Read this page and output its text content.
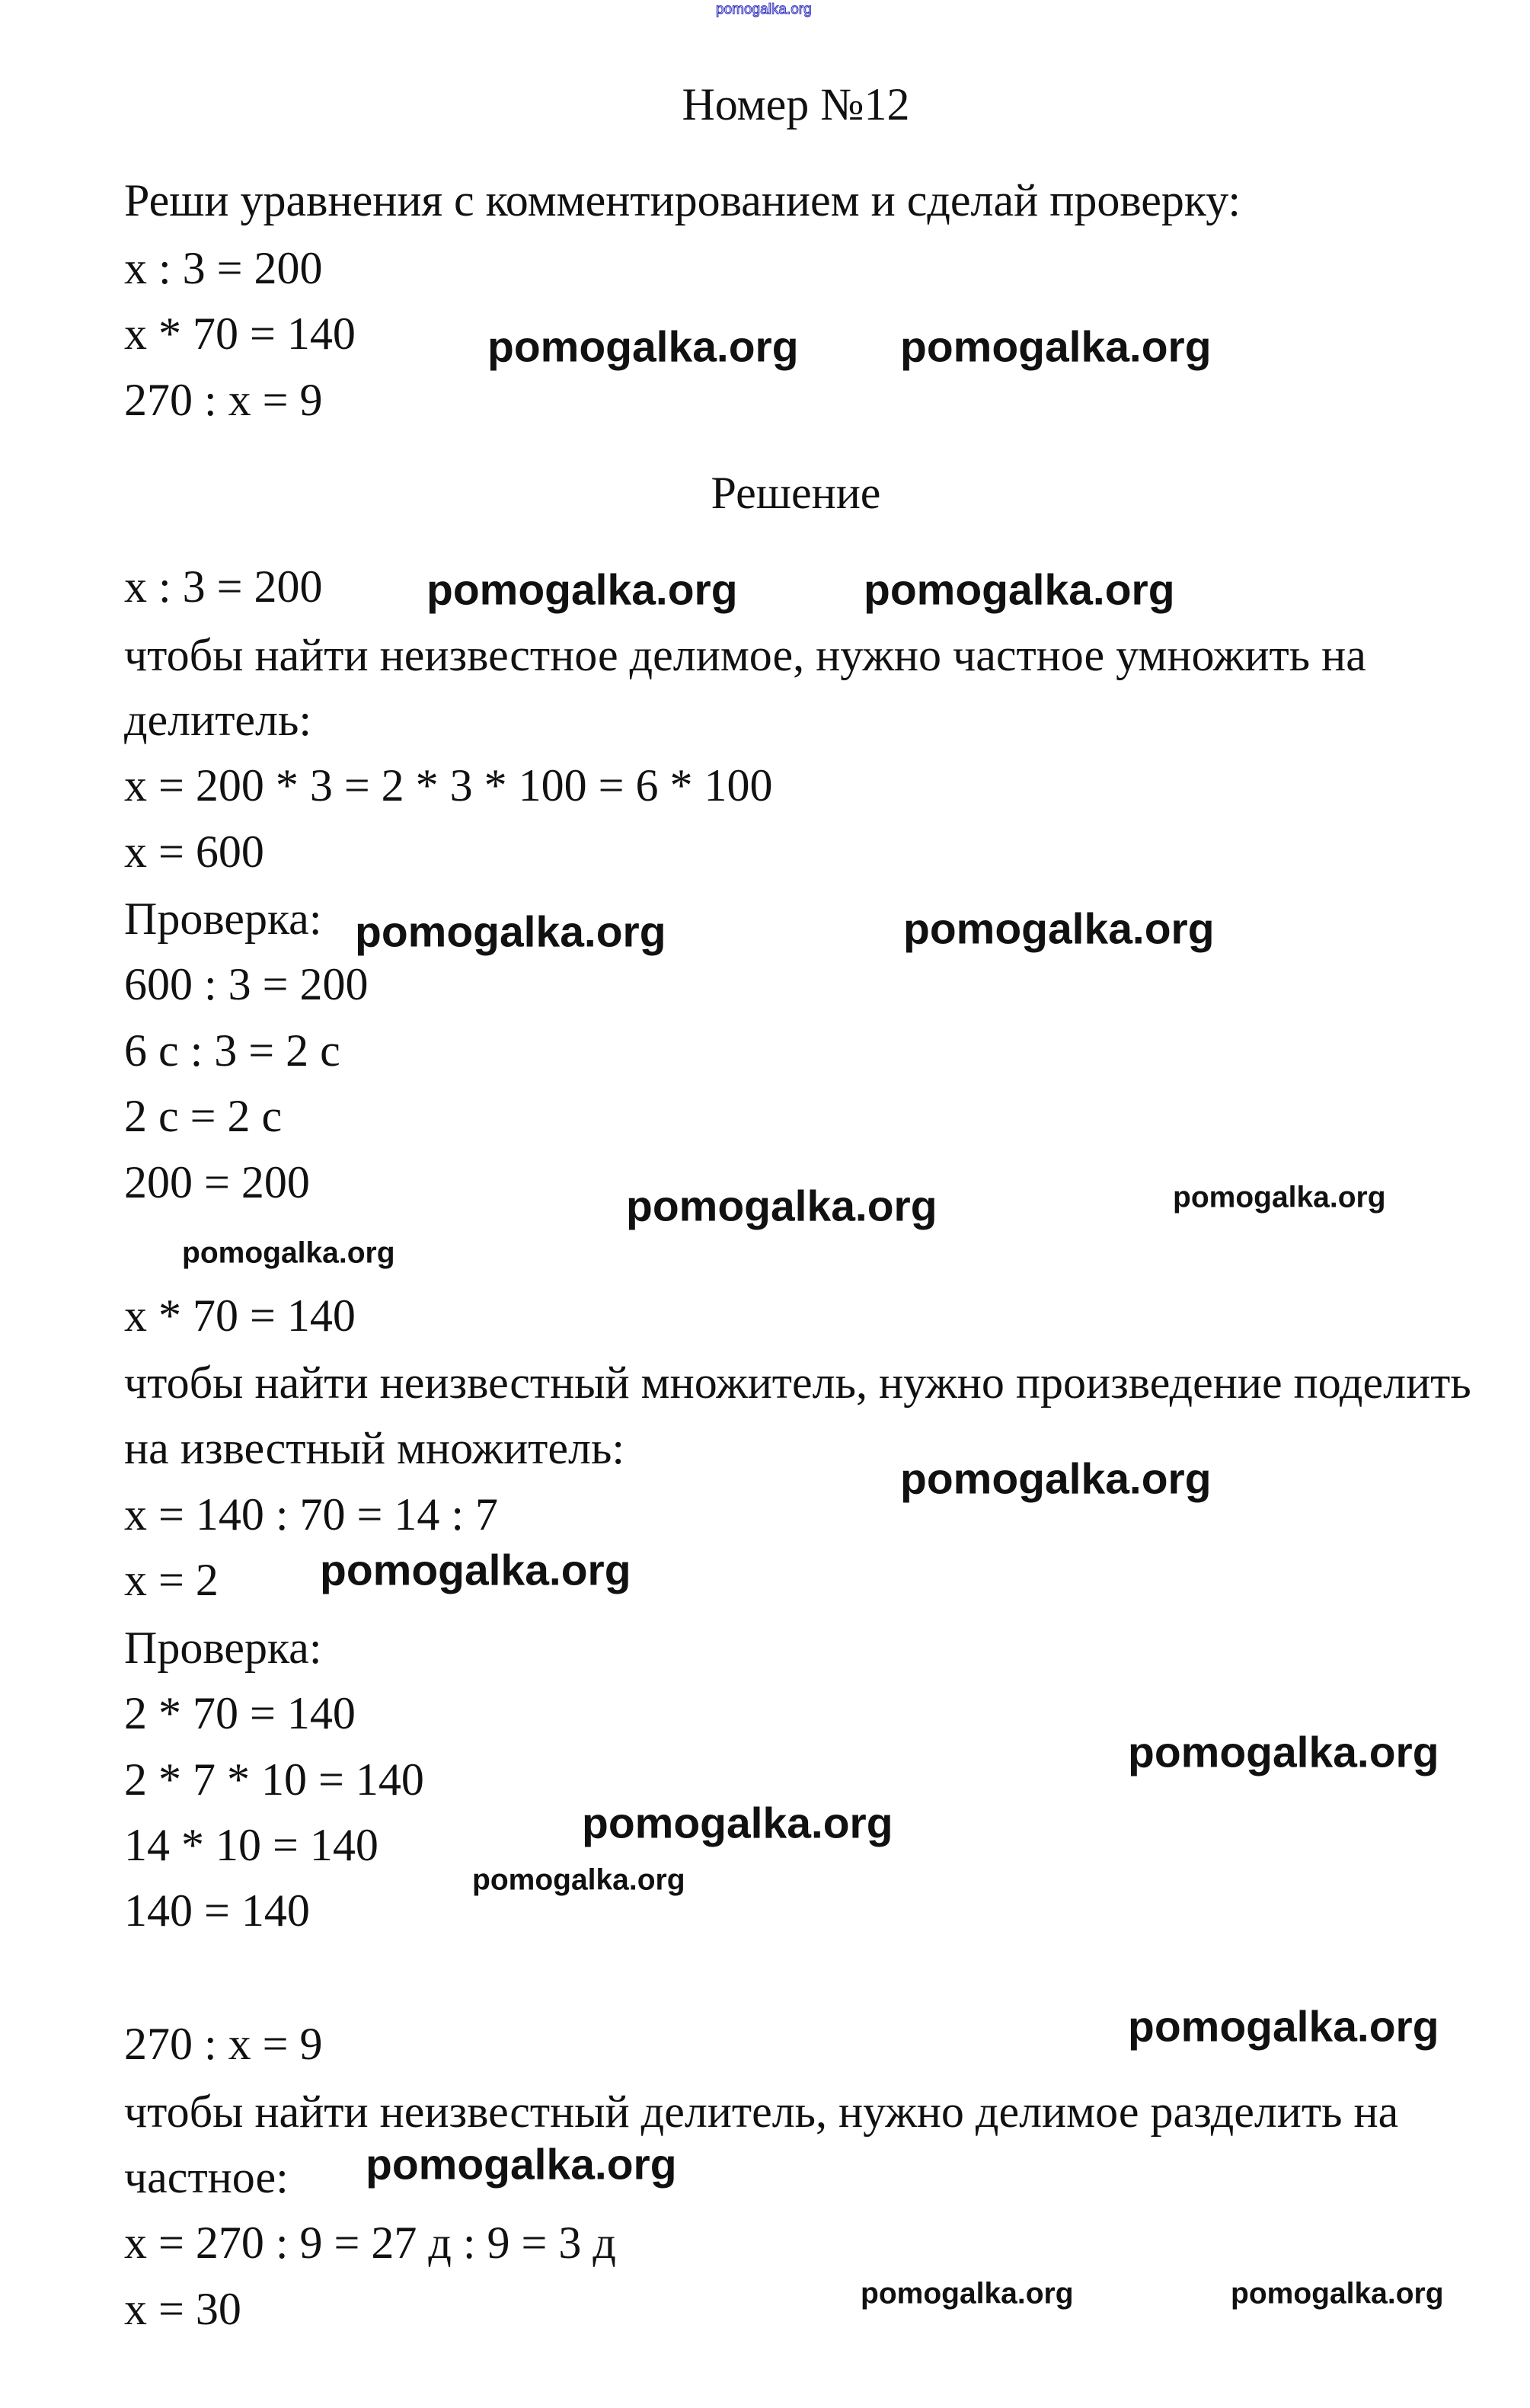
pomogalka.org
Номер №12
Реши уравнения с комментированием и сделай проверку:
x : 3 = 200
x * 70 = 140
270 : x = 9
Решение
x : 3 = 200
чтобы найти неизвестное делимое, нужно частное умножить на
делитель:
x = 200 * 3 = 2 * 3 * 100 = 6 * 100
x = 600
Проверка:
600 : 3 = 200
6 с : 3 = 2 с
2 с = 2 с
200 = 200
x * 70 = 140
чтобы найти неизвестный множитель, нужно произведение поделить
на известный множитель:
x = 140 : 70 = 14 : 7
x = 2
Проверка:
2 * 70 = 140
2 * 7 * 10 = 140
14 * 10 = 140
140 = 140
270 : x = 9
чтобы найти неизвестный делитель, нужно делимое разделить на
частное:
x = 270 : 9 = 27 д : 9 = 3 д
x = 30
pomogalka.org pomogalka.org
pomogalka.org	pomogalka.org
pomogalka.org	pomogalka.org
pomogalka.org
pomogalka.org
pomogalka.org
pomogalka.org
pomogalka.org
pomogalka.org
pomogalka.org
pomogalka.org
pomogalka.org
pomogalka.org
pomogalka.org	pomogalka.org
